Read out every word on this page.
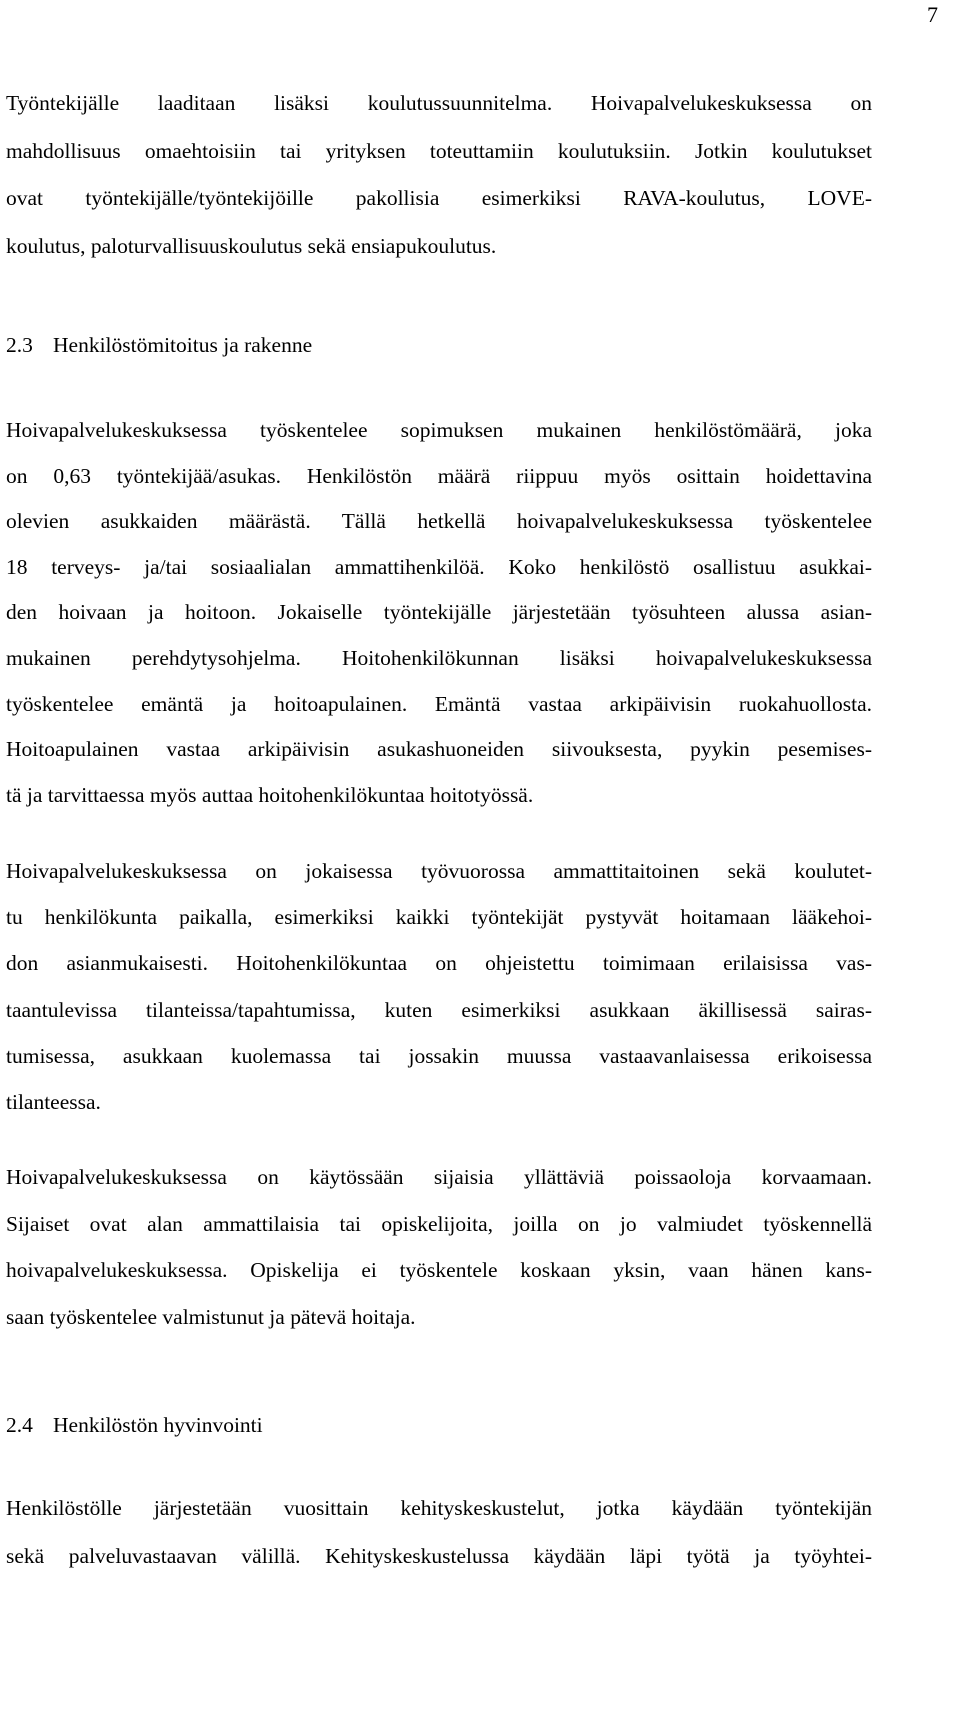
7
Työntekijälle laaditaan lisäksi koulutussuunnitelma. Hoivapalvelukeskuksessa on
mahdollisuus omaehtoisiin tai yrityksen toteuttamiin koulutuksiin. Jotkin koulutukset
ovat työntekijälle/työntekijöille pakollisia esimerkiksi RAVA-koulutus, LOVE-
koulutus, paloturvallisuuskoulutus sekä ensiapukoulutus.
2.3 Henkilöstömitoitus ja rakenne
Hoivapalvelukeskuksessa työskentelee sopimuksen mukainen henkilöstömäärä, joka
on 0,63 työntekijää/asukas. Henkilöstön määrä riippuu myös osittain hoidettavina
olevien asukkaiden määrästä. Tällä hetkellä hoivapalvelukeskuksessa työskentelee
18 terveys- ja/tai sosiaalialan ammattihenkilöä. Koko henkilöstö osallistuu asukkai-
den hoivaan ja hoitoon. Jokaiselle työntekijälle järjestetään työsuhteen alussa asian-
mukainen perehdytysohjelma. Hoitohenkilökunnan lisäksi hoivapalvelukeskuksessa
työskentelee emäntä ja hoitoapulainen. Emäntä vastaa arkipäivisin ruokahuollosta.
Hoitoapulainen vastaa arkipäivisin asukashuoneiden siivouksesta, pyykin pesemises-
tä ja tarvittaessa myös auttaa hoitohenkilökuntaa hoitotyössä.
Hoivapalvelukeskuksessa on jokaisessa työvuorossa ammattitaitoinen sekä koulutet-
tu henkilökunta paikalla, esimerkiksi kaikki työntekijät pystyvät hoitamaan lääkehoi-
don asianmukaisesti. Hoitohenkilökuntaa on ohjeistettu toimimaan erilaisissa vas-
taantulevissa tilanteissa/tapahtumissa, kuten esimerkiksi asukkaan äkillisessä sairas-
tumisessa, asukkaan kuolemassa tai jossakin muussa vastaavanlaisessa erikoisessa
tilanteessa.
Hoivapalvelukeskuksessa on käytössään sijaisia yllättäviä poissaoloja korvaamaan.
Sijaiset ovat alan ammattilaisia tai opiskelijoita, joilla on jo valmiudet työskennellä
hoivapalvelukeskuksessa. Opiskelija ei työskentele koskaan yksin, vaan hänen kans-
saan työskentelee valmistunut ja pätevä hoitaja.
2.4 Henkilöstön hyvinvointi
Henkilöstölle järjestetään vuosittain kehityskeskustelut, jotka käydään työntekijän
sekä palveluvastaavan välillä. Kehityskeskustelussa käydään läpi työtä ja työyhtei-
